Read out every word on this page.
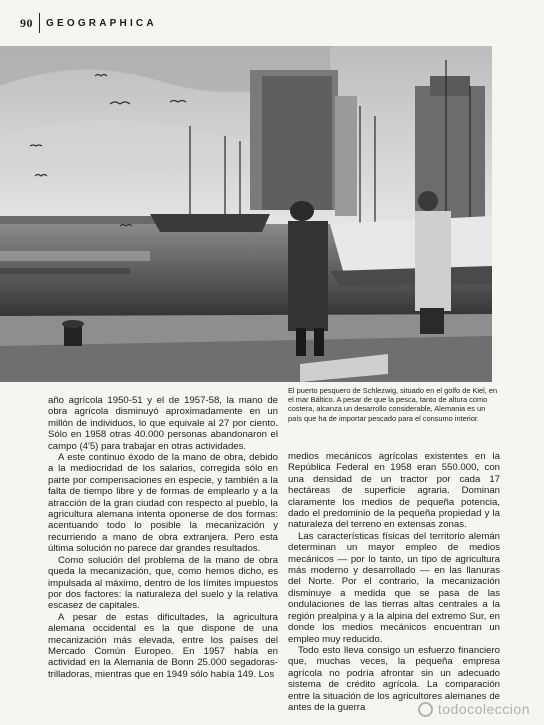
90 GEOGRAPHICA
El puerto pesquero de Schlezwig, situado en el golfo de Kiel, en el mar Báltico. A pesar de que la pesca, tanto de altura como costera, alcanza un desarrollo considerable, Alemania es un país que ha de importar pescado para el consumo interior.

año agrícola 1950-51 y el de 1957-58, la mano de obra agrícola disminuyó aproximadamente en un millón de individuos, lo que equivale al 27 por ciento. Sólo en 1958 otras 40.000 personas abandonaron el campo (4'5) para trabajar en otras actividades.

A este continuo éxodo de la mano de obra, debido a la mediocridad de los salarios, corregida sólo en parte por compensaciones en especie, y también a la falta de tiempo libre y de formas de emplearlo y a la atracción de la gran ciudad con respecto al pueblo, la agricultura alemana intenta oponerse de dos formas: acentuando todo lo posible la mecanización y recurriendo a mano de obra extranjera. Pero esta última solución no parece dar grandes resultados.

Como solución del problema de la mano de obra queda la mecanización, que, como hemos dicho, es impulsada al máximo, dentro de los límites impuestos por dos factores: la naturaleza del suelo y la relativa escasez de capitales.

A pesar de estas dificultades, la agricultura alemana occidental es la que dispone de una mecanización más elevada, entre los países del Mercado Común Europeo. En 1957 había en actividad en la Alemania de Bonn 25.000 segadoras-trilladoras, mientras que en 1949 sólo había 149. Los

medios mecánicos agrícolas existentes en la República Federal en 1958 eran 550.000, con una densidad de un tractor por cada 17 hectáreas de superficie agraria. Dominan claramente los medios de pequeña potencia, dado el predominio de la pequeña propiedad y la naturaleza del terreno en extensas zonas.

Las características físicas del territorio alemán determinan un mayor empleo de medios mecánicos — por lo tanto, un tipo de agricultura más moderno y desarrollado — en las llanuras del Norte. Por el contrario, la mecanización disminuye a medida que se pasa de las ondulaciones de las tierras altas centrales a la región prealpina y a la alpina del extremo Sur, en donde los medios mecánicos encuentran un empleo muy reducido.

Todo esto lleva consigo un esfuerzo financiero que, muchas veces, la pequeña empresa agrícola no podría afrontar sin un adecuado sistema de crédito agrícola. La comparación entre la situación de los agricultores alemanes de antes de la guerra	todocoleccion
